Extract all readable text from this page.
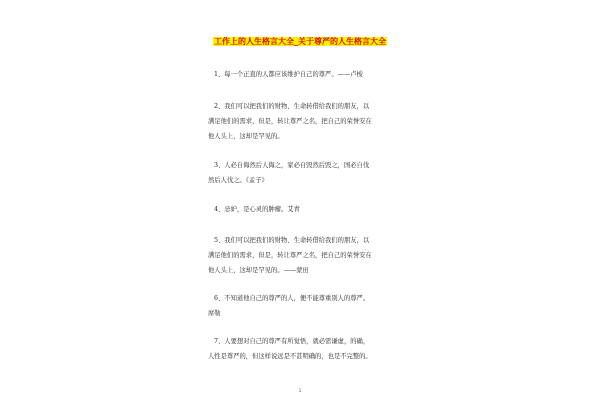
工作上的人生格言大全_关于尊严的人生格言大全
1、每一个正直的人都应该维护自己的尊严。——卢梭
2、我们可以把我们的财物、生命转借给我们的朋友，以
满足他们的需求，但是，转让尊严之名，把自己的荣誉安在
他人头上，这却是罕见的。
3、人必自侮然后人侮之，家必自毁然后毁之，国必自伐
然后人伐之。《孟子》
4、忌妒，是心灵的肿瘤。艾青
5、我们可以把我们的财物、生命转借给我们的朋友，以
满足他们的需求，但是，转让尊严之名，把自己的荣誉安在
他人头上，这却是罕见的。——蒙田
6、不知道他自己的尊严的人，便不能尊重别人的尊严。
席勒
7、人要想对自己的尊严有所觉悟，就必需谦虚，的确，
人性是尊严的，但这样说远是不甚明确的，也是不完整的。
1
